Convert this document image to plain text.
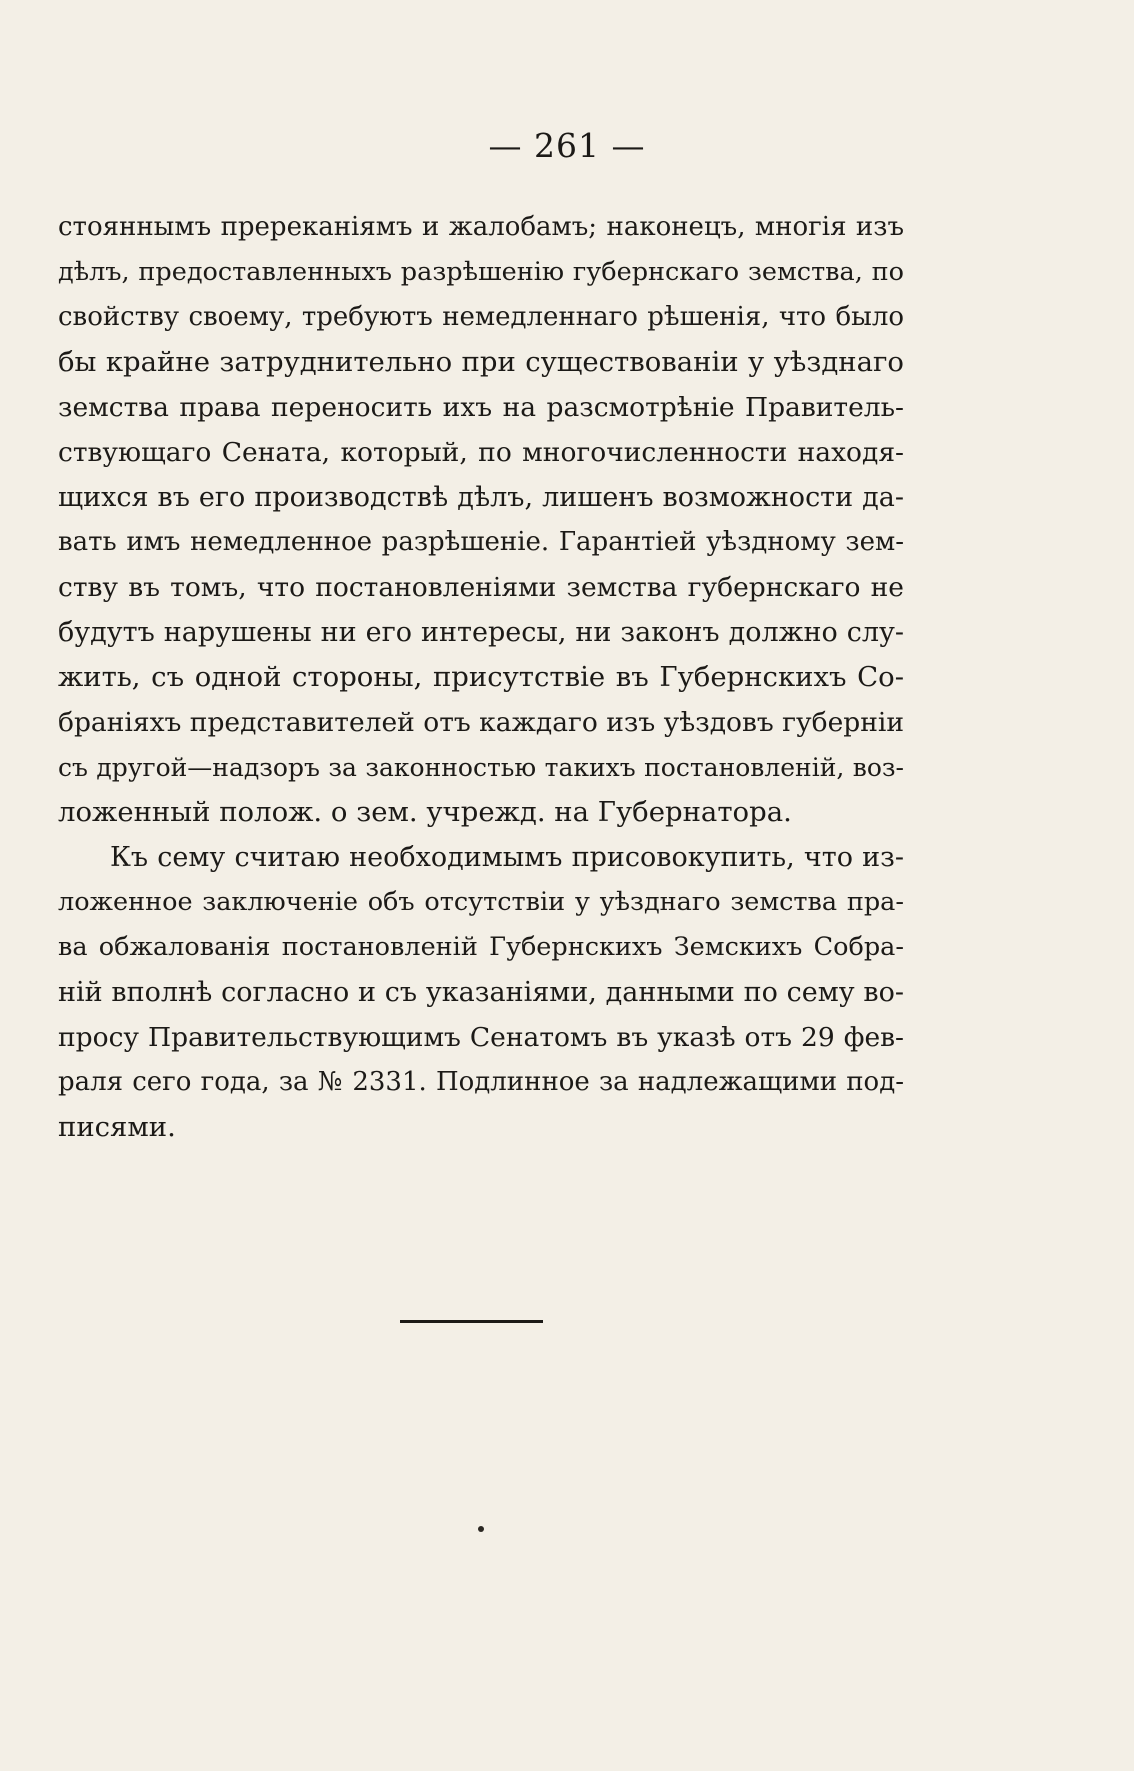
— 261 —
стояннымъ пререканіямъ и жалобамъ; наконецъ, многія изъ
дѣлъ, предоставленныхъ разрѣшенію губернскаго земства, по
свойству своему, требуютъ немедленнаго рѣшенія, что было
бы крайне затруднительно при существованіи у уѣзднаго
земства права переносить ихъ на разсмотрѣніе Правитель-
ствующаго Сената, который, по многочисленности находя-
щихся въ его производствѣ дѣлъ, лишенъ возможности да-
вать имъ немедленное разрѣшеніе. Гарантіей уѣздному зем-
ству въ томъ, что постановленіями земства губернскаго не
будутъ нарушены ни его интересы, ни законъ должно слу-
жить, съ одной стороны, присутствіе въ Губернскихъ Со-
браніяхъ представителей отъ каждаго изъ уѣздовъ губерніи
съ другой—надзоръ за законностью такихъ постановленій, воз-
ложенный полож. о зем. учрежд. на Губернатора.
Къ сему считаю необходимымъ присовокупить, что из-
ложенное заключеніе объ отсутствіи у уѣзднаго земства пра-
ва обжалованія постановленій Губернскихъ Земскихъ Собра-
ній вполнѣ согласно и съ указаніями, данными по сему во-
просу Правительствующимъ Сенатомъ въ указѣ отъ 29 фев-
раля сего года, за № 2331. Подлинное за надлежащими под-
писями.
